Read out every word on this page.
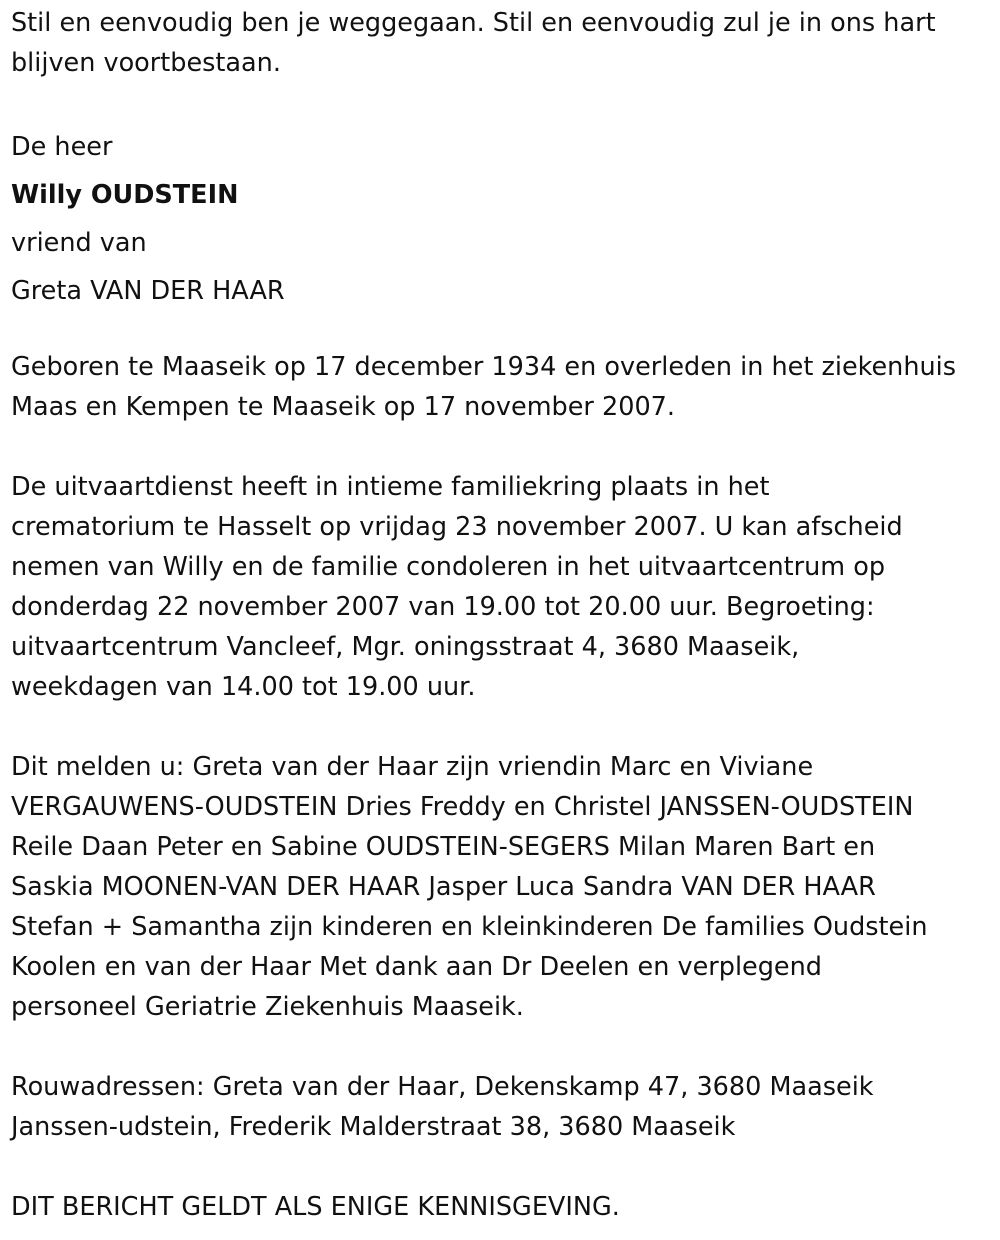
Stil en eenvoudig ben je weggegaan. Stil en eenvoudig zul je in ons hart
blijven voortbestaan.
De heer
Willy OUDSTEIN
vriend van
Greta VAN DER HAAR
Geboren te Maaseik op 17 december 1934 en overleden in het ziekenhuis
Maas en Kempen te Maaseik op 17 november 2007.
De uitvaartdienst heeft in intieme familiekring plaats in het
crematorium te Hasselt op vrijdag 23 november 2007. U kan afscheid
nemen van Willy en de familie condoleren in het uitvaartcentrum op
donderdag 22 november 2007 van 19.00 tot 20.00 uur. Begroeting:
uitvaartcentrum Vancleef, Mgr. oningsstraat 4, 3680 Maaseik,
weekdagen van 14.00 tot 19.00 uur.
Dit melden u: Greta van der Haar zijn vriendin Marc en Viviane
VERGAUWENS-OUDSTEIN Dries Freddy en Christel JANSSEN-OUDSTEIN
Reile Daan Peter en Sabine OUDSTEIN-SEGERS Milan Maren Bart en
Saskia MOONEN-VAN DER HAAR Jasper Luca Sandra VAN DER HAAR
Stefan + Samantha zijn kinderen en kleinkinderen De families Oudstein
Koolen en van der Haar Met dank aan Dr Deelen en verplegend
personeel Geriatrie Ziekenhuis Maaseik.
Rouwadressen: Greta van der Haar, Dekenskamp 47, 3680 Maaseik
Janssen-udstein, Frederik Malderstraat 38, 3680 Maaseik
DIT BERICHT GELDT ALS ENIGE KENNISGEVING.
